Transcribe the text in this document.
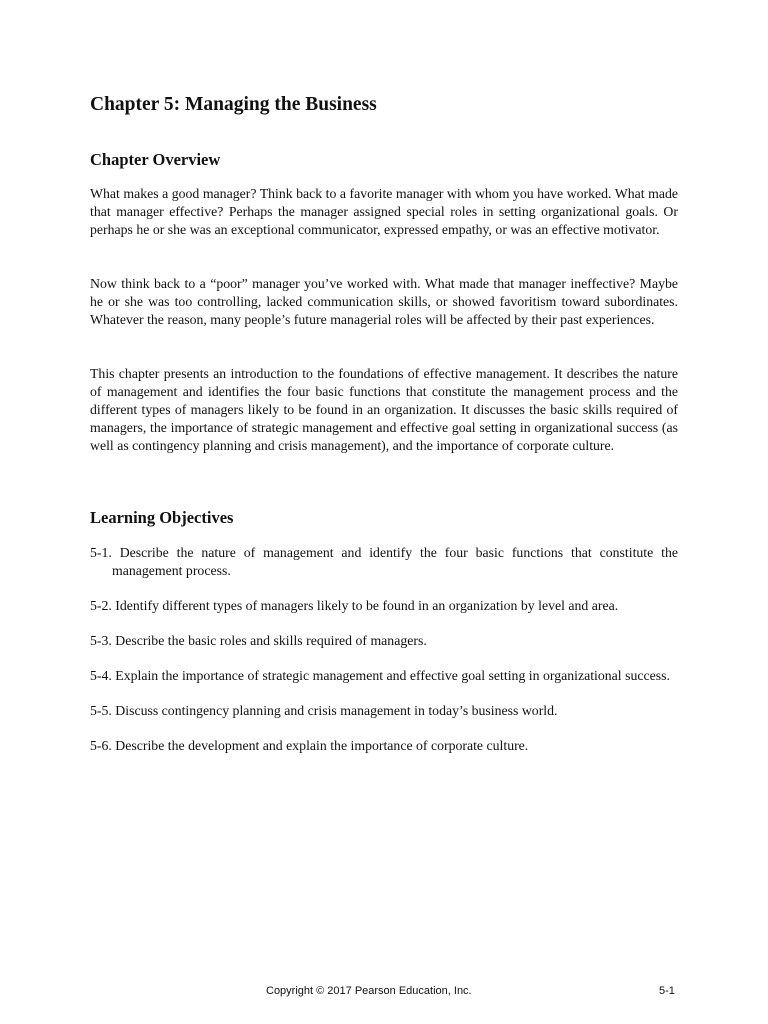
Chapter 5: Managing the Business
Chapter Overview

What makes a good manager? Think back to a favorite manager with whom you have worked. What made that manager effective? Perhaps the manager assigned special roles in setting organizational goals. Or perhaps he or she was an exceptional communicator, expressed empathy, or was an effective motivator.

Now think back to a “poor” manager you’ve worked with. What made that manager ineffective? Maybe he or she was too controlling, lacked communication skills, or showed favoritism toward subordinates. Whatever the reason, many people’s future managerial roles will be affected by their past experiences.

This chapter presents an introduction to the foundations of effective management. It describes the nature of management and identifies the four basic functions that constitute the management process and the different types of managers likely to be found in an organization. It discusses the basic skills required of managers, the importance of strategic management and effective goal setting in organizational success (as well as contingency planning and crisis management), and the importance of corporate culture.

Learning Objectives
5-1. Describe the nature of management and identify the four basic functions that constitute the management process.
5-2. Identify different types of managers likely to be found in an organization by level and area.
5-3. Describe the basic roles and skills required of managers.
5-4. Explain the importance of strategic management and effective goal setting in organizational success.
5-5. Discuss contingency planning and crisis management in today’s business world.
5-6. Describe the development and explain the importance of corporate culture.
Copyright © 2017 Pearson Education, Inc.	5-1
